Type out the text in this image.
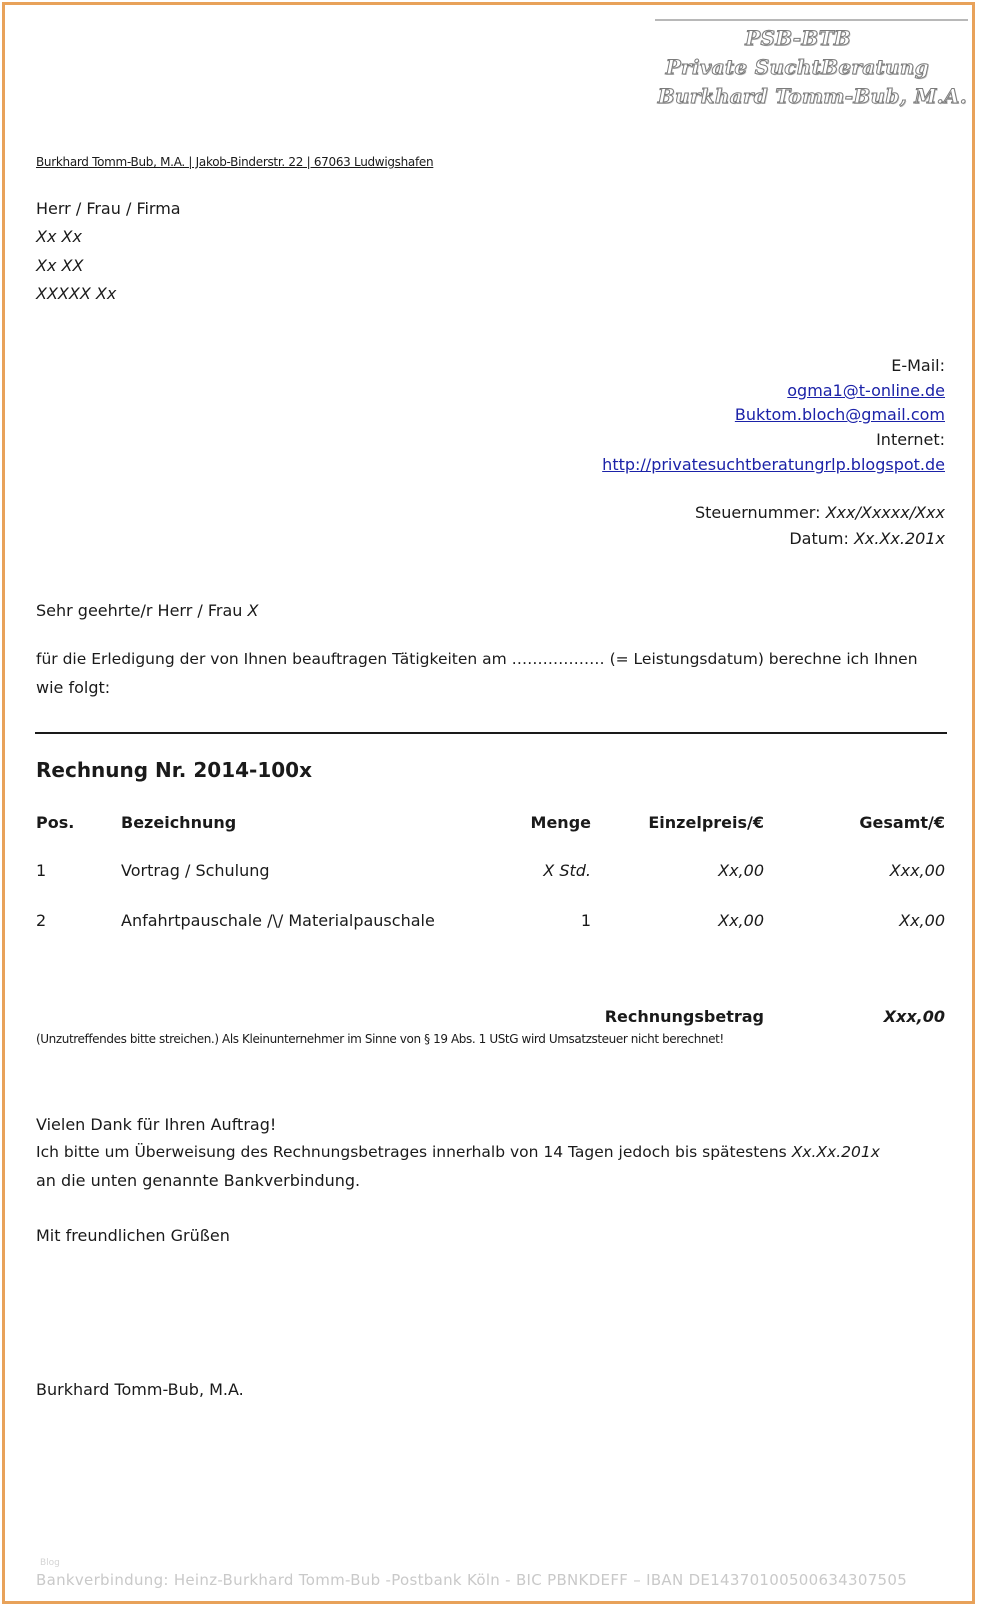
PSB-BTB
Private SuchtBeratung
Burkhard Tomm-Bub, M.A.
Burkhard Tomm-Bub, M.A. | Jakob-Binderstr. 22 | 67063 Ludwigshafen
Herr / Frau / Firma
Xx Xx
Xx XX
XXXXX Xx
E-Mail:
ogma1@t-online.de
Buktom.bloch@gmail.com
Internet:
http://privatesuchtberatungrlp.blogspot.de
Steuernummer: Xxx/Xxxxx/Xxx
Datum: Xx.Xx.201x
Sehr geehrte/r Herr / Frau X
für die Erledigung der von Ihnen beauftragen Tätigkeiten am ……………… (= Leistungsdatum) berechne ich Ihnen
wie folgt:
Rechnung Nr. 2014-100x
Pos.	Bezeichnung	Menge	Einzelpreis/€	Gesamt/€
1	Vortrag / Schulung	X Std.	Xx,00	Xxx,00
2	Anfahrtpauschale /\/ Materialpauschale	1	Xx,00	Xx,00
Rechnungsbetrag	Xxx,00
(Unzutreffendes bitte streichen.) Als Kleinunternehmer im Sinne von § 19 Abs. 1 UStG wird Umsatzsteuer nicht berechnet!
Vielen Dank für Ihren Auftrag!
Ich bitte um Überweisung des Rechnungsbetrages innerhalb von 14 Tagen jedoch bis spätestens Xx.Xx.201x
an die unten genannte Bankverbindung.
Mit freundlichen Grüßen
Burkhard Tomm-Bub, M.A.
Blog
Bankverbindung: Heinz-Burkhard Tomm-Bub -Postbank Köln - BIC PBNKDEFF – IBAN DE14370100500634307505
